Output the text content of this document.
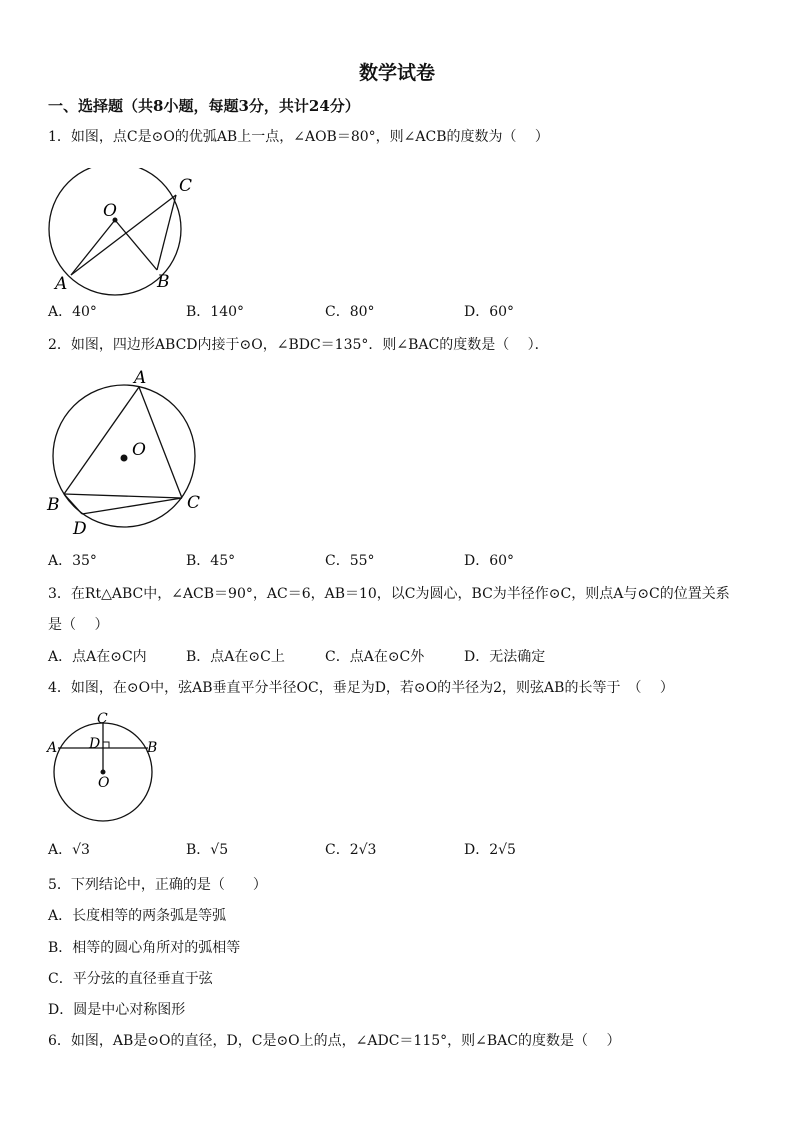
数学试卷
一、选择题（共8小题，每题3分，共计24分）
1．如图，点C是⊙O的优弧AB上一点，∠AOB＝80°，则∠ACB的度数为（　 ）
O
A	B
C
A．40°	B．140°	C．80°	D．60°
2．如图，四边形ABCD内接于⊙O，∠BDC＝135°．则∠BAC的度数是（　 ）．
O
A
B	C
D
A．35°	B．45°	C．55°	D．60°
3．在Rt△ABC中，∠ACB＝90°，AC＝6，AB＝10，以C为圆心，BC为半径作⊙C，则点A与⊙C的位置关系
是（　 ）
A．点A在⊙C内	B．点A在⊙C上	C．点A在⊙C外	D．无法确定
4．如图，在⊙O中，弦AB垂直平分半径OC，垂足为D，若⊙O的半径为2，则弦AB的长等于　（　 ）
C
A D	B
O
A．√3	B．√5	C．2√3	D．2√5
5．下列结论中，正确的是（　　）
A．长度相等的两条弧是等弧
B．相等的圆心角所对的弧相等
C．平分弦的直径垂直于弦
D．圆是中心对称图形
6．如图，AB是⊙O的直径，D，C是⊙O上的点，∠ADC＝115°，则∠BAC的度数是（　 ）
